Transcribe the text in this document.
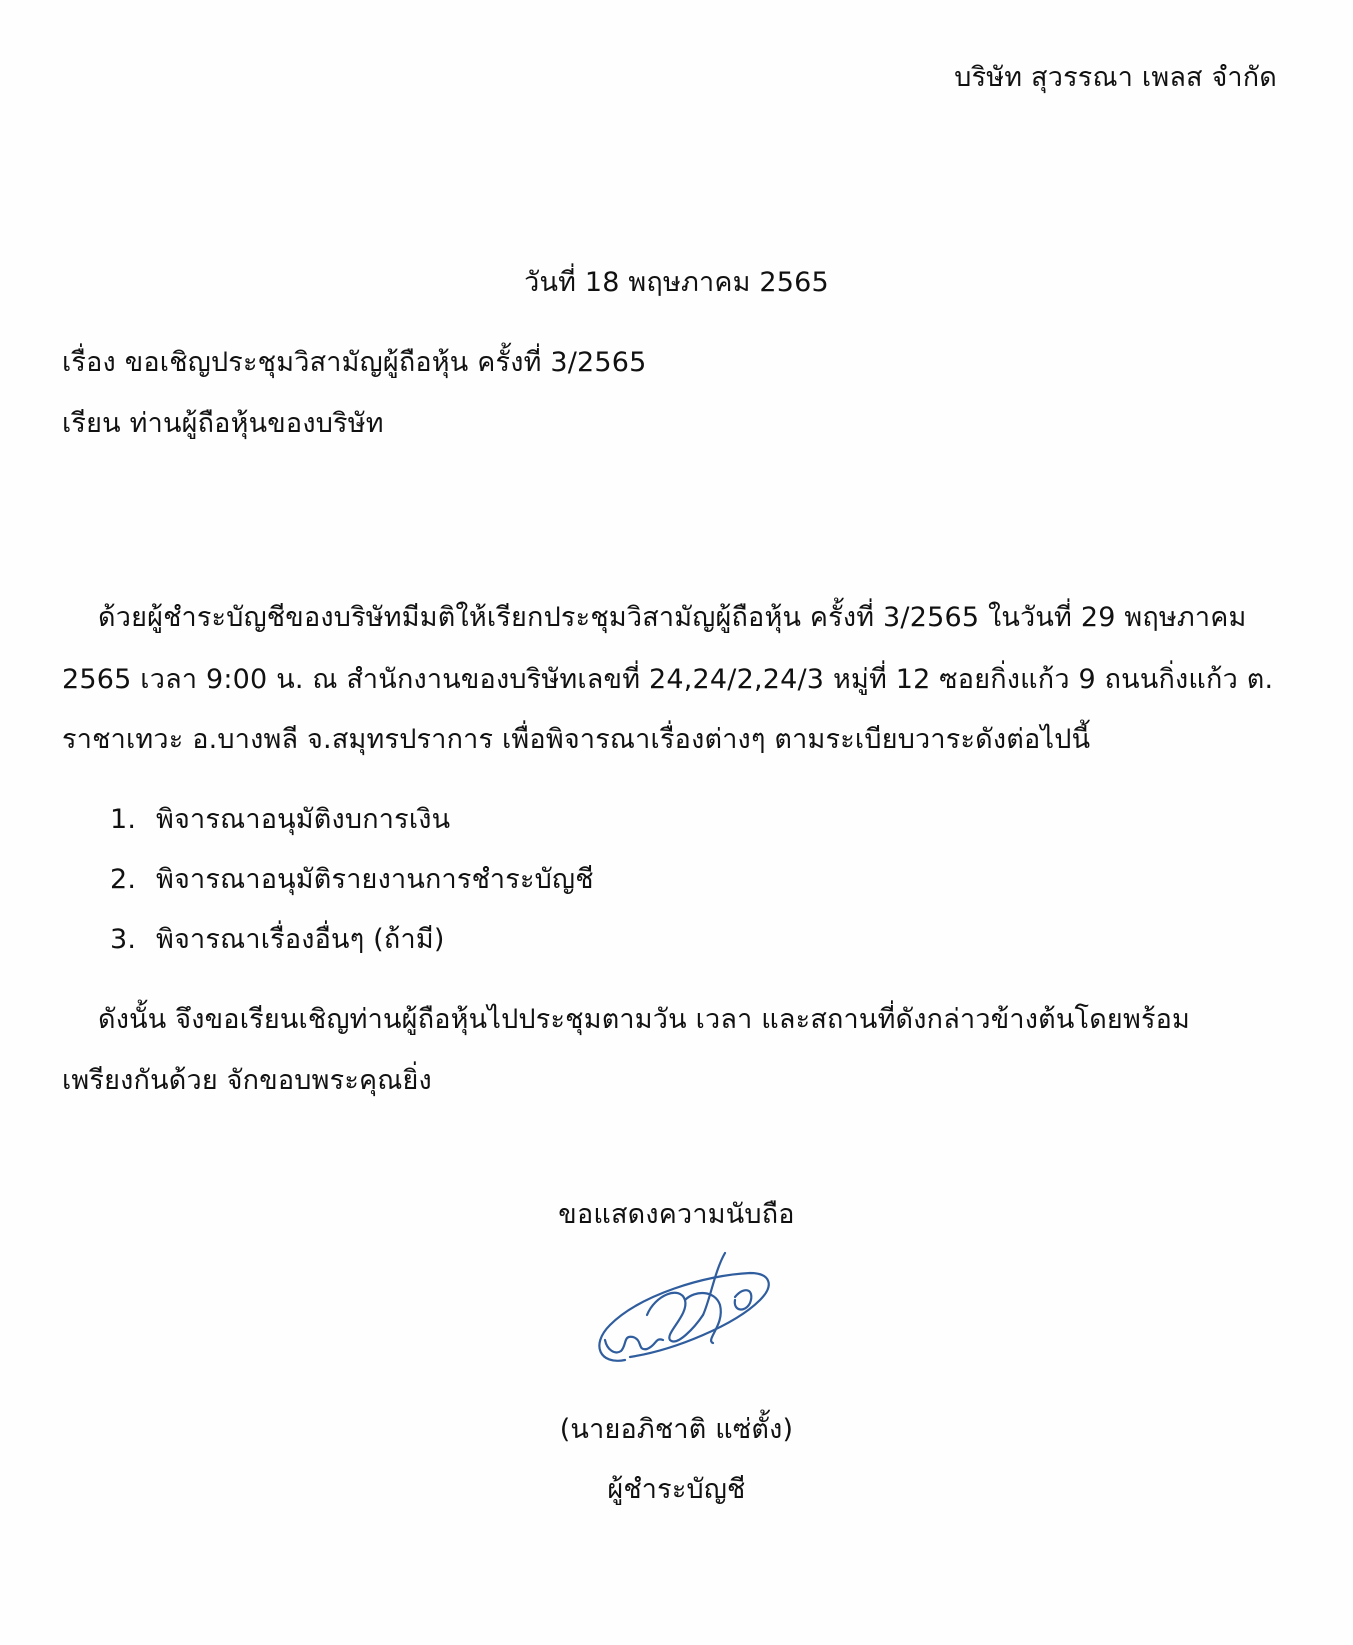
บริษัท สุวรรณา เพลส จำกัด
วันที่ 18 พฤษภาคม 2565
เรื่อง ขอเชิญประชุมวิสามัญผู้ถือหุ้น ครั้งที่ 3/2565
เรียน ท่านผู้ถือหุ้นของบริษัท
ด้วยผู้ชำระบัญชีของบริษัทมีมติให้เรียกประชุมวิสามัญผู้ถือหุ้น ครั้งที่ 3/2565 ในวันที่ 29 พฤษภาคม
2565 เวลา 9:00 น. ณ สำนักงานของบริษัทเลขที่ 24,24/2,24/3 หมู่ที่ 12 ซอยกิ่งแก้ว 9 ถนนกิ่งแก้ว ต.
ราชาเทวะ อ.บางพลี จ.สมุทรปราการ เพื่อพิจารณาเรื่องต่างๆ ตามระเบียบวาระดังต่อไปนี้
1. พิจารณาอนุมัติงบการเงิน
2. พิจารณาอนุมัติรายงานการชำระบัญชี
3. พิจารณาเรื่องอื่นๆ (ถ้ามี)
ดังนั้น จึงขอเรียนเชิญท่านผู้ถือหุ้นไปประชุมตามวัน เวลา และสถานที่ดังกล่าวข้างต้นโดยพร้อม
เพรียงกันด้วย จักขอบพระคุณยิ่ง
ขอแสดงความนับถือ
(นายอภิชาติ แซ่ตั้ง)
ผู้ชำระบัญชี
